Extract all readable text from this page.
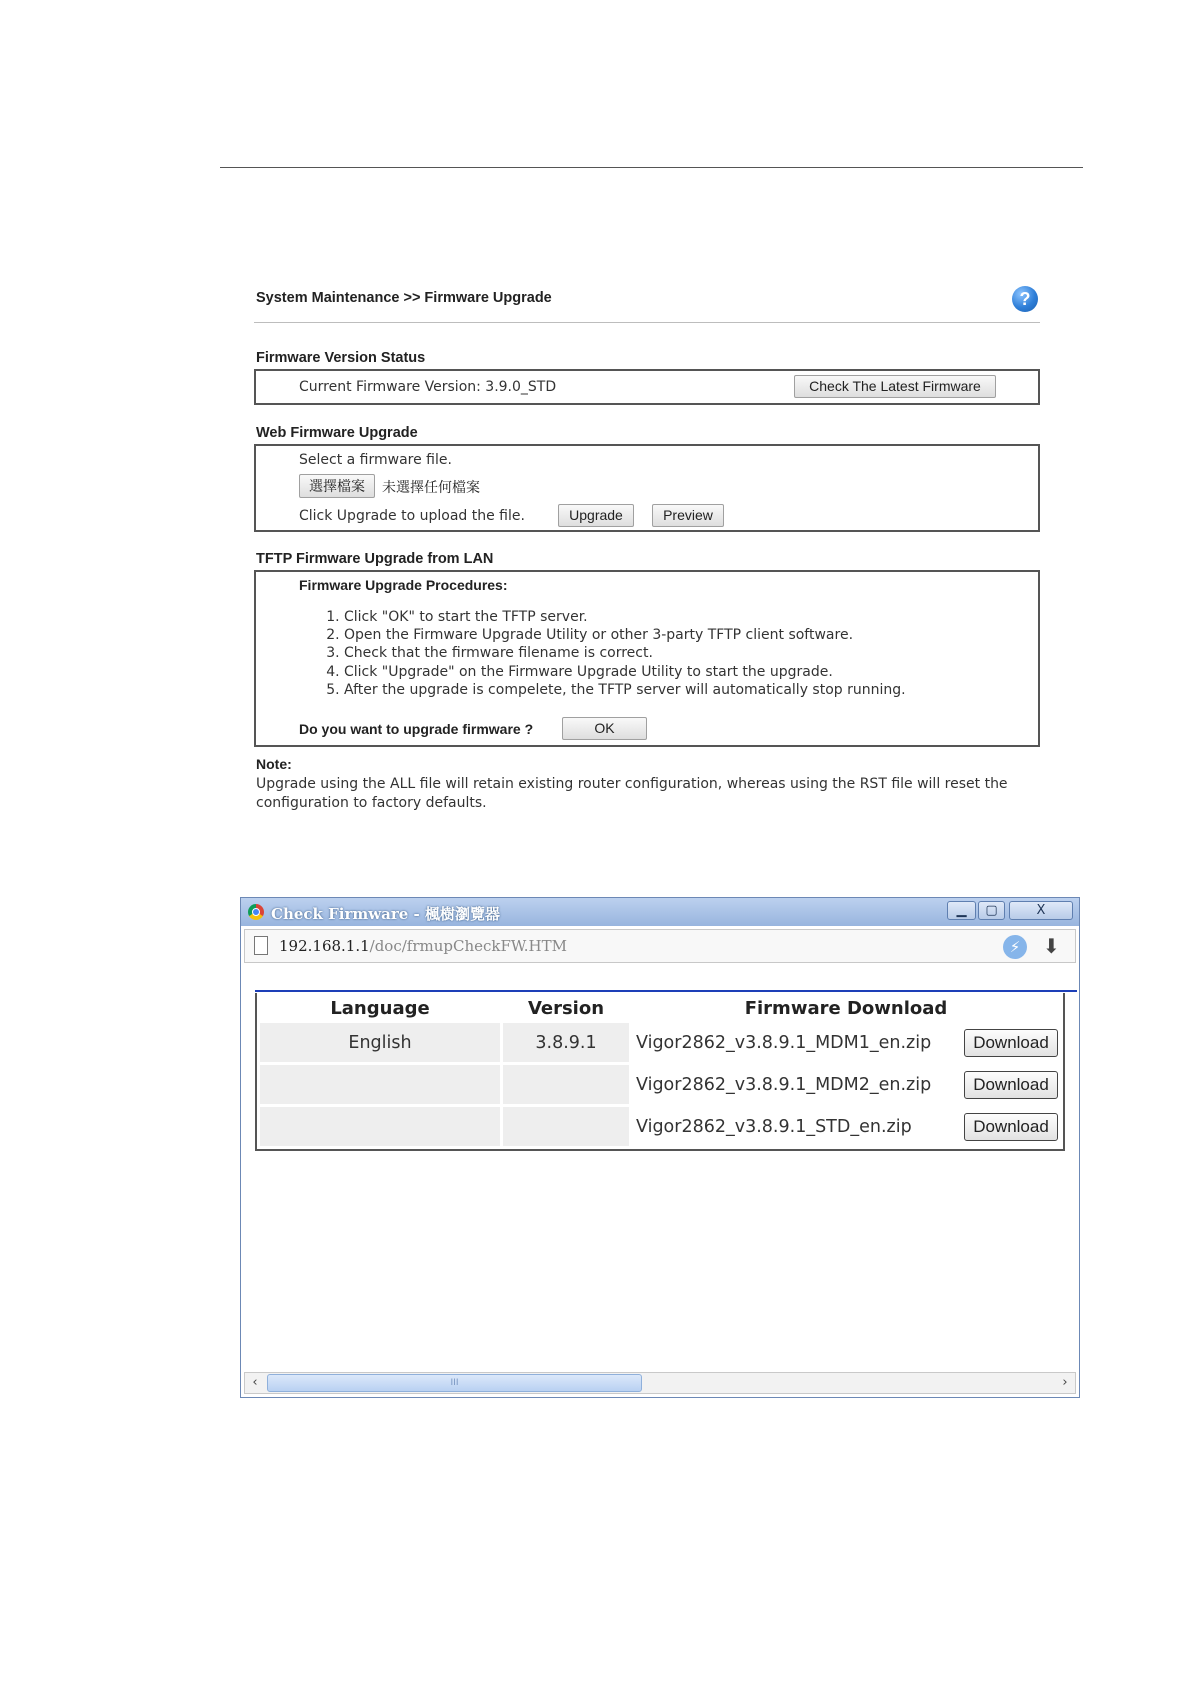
System Maintenance >> Firmware Upgrade	?
Firmware Version Status
Current Firmware Version: 3.9.0_STD	Check The Latest Firmware
Web Firmware Upgrade
Select a firmware file.
選擇檔案	未選擇任何檔案
Click Upgrade to upload the file.	Upgrade	Preview
TFTP Firmware Upgrade from LAN
Firmware Upgrade Procedures:
1. Click "OK" to start the TFTP server.
2. Open the Firmware Upgrade Utility or other 3-party TFTP client software.
3. Check that the firmware filename is correct.
4. Click "Upgrade" on the Firmware Upgrade Utility to start the upgrade.
5. After the upgrade is compelete, the TFTP server will automatically stop running.
Do you want to upgrade firmware ?	OK
Note:
Upgrade using the ALL file will retain existing router configuration, whereas using the RST file will reset the configuration to factory defaults.
Check Firmware - 楓樹瀏覽器	▁	▢	X
192.168.1.1/doc/frmupCheckFW.HTM	⚡	⬇
Language	Version	Firmware Download	
English	3.8.9.1	Vigor2862_v3.8.9.1_MDM1_en.zip	Download
		Vigor2862_v3.8.9.1_MDM2_en.zip	Download
		Vigor2862_v3.8.9.1_STD_en.zip	Download
‹	III	›
